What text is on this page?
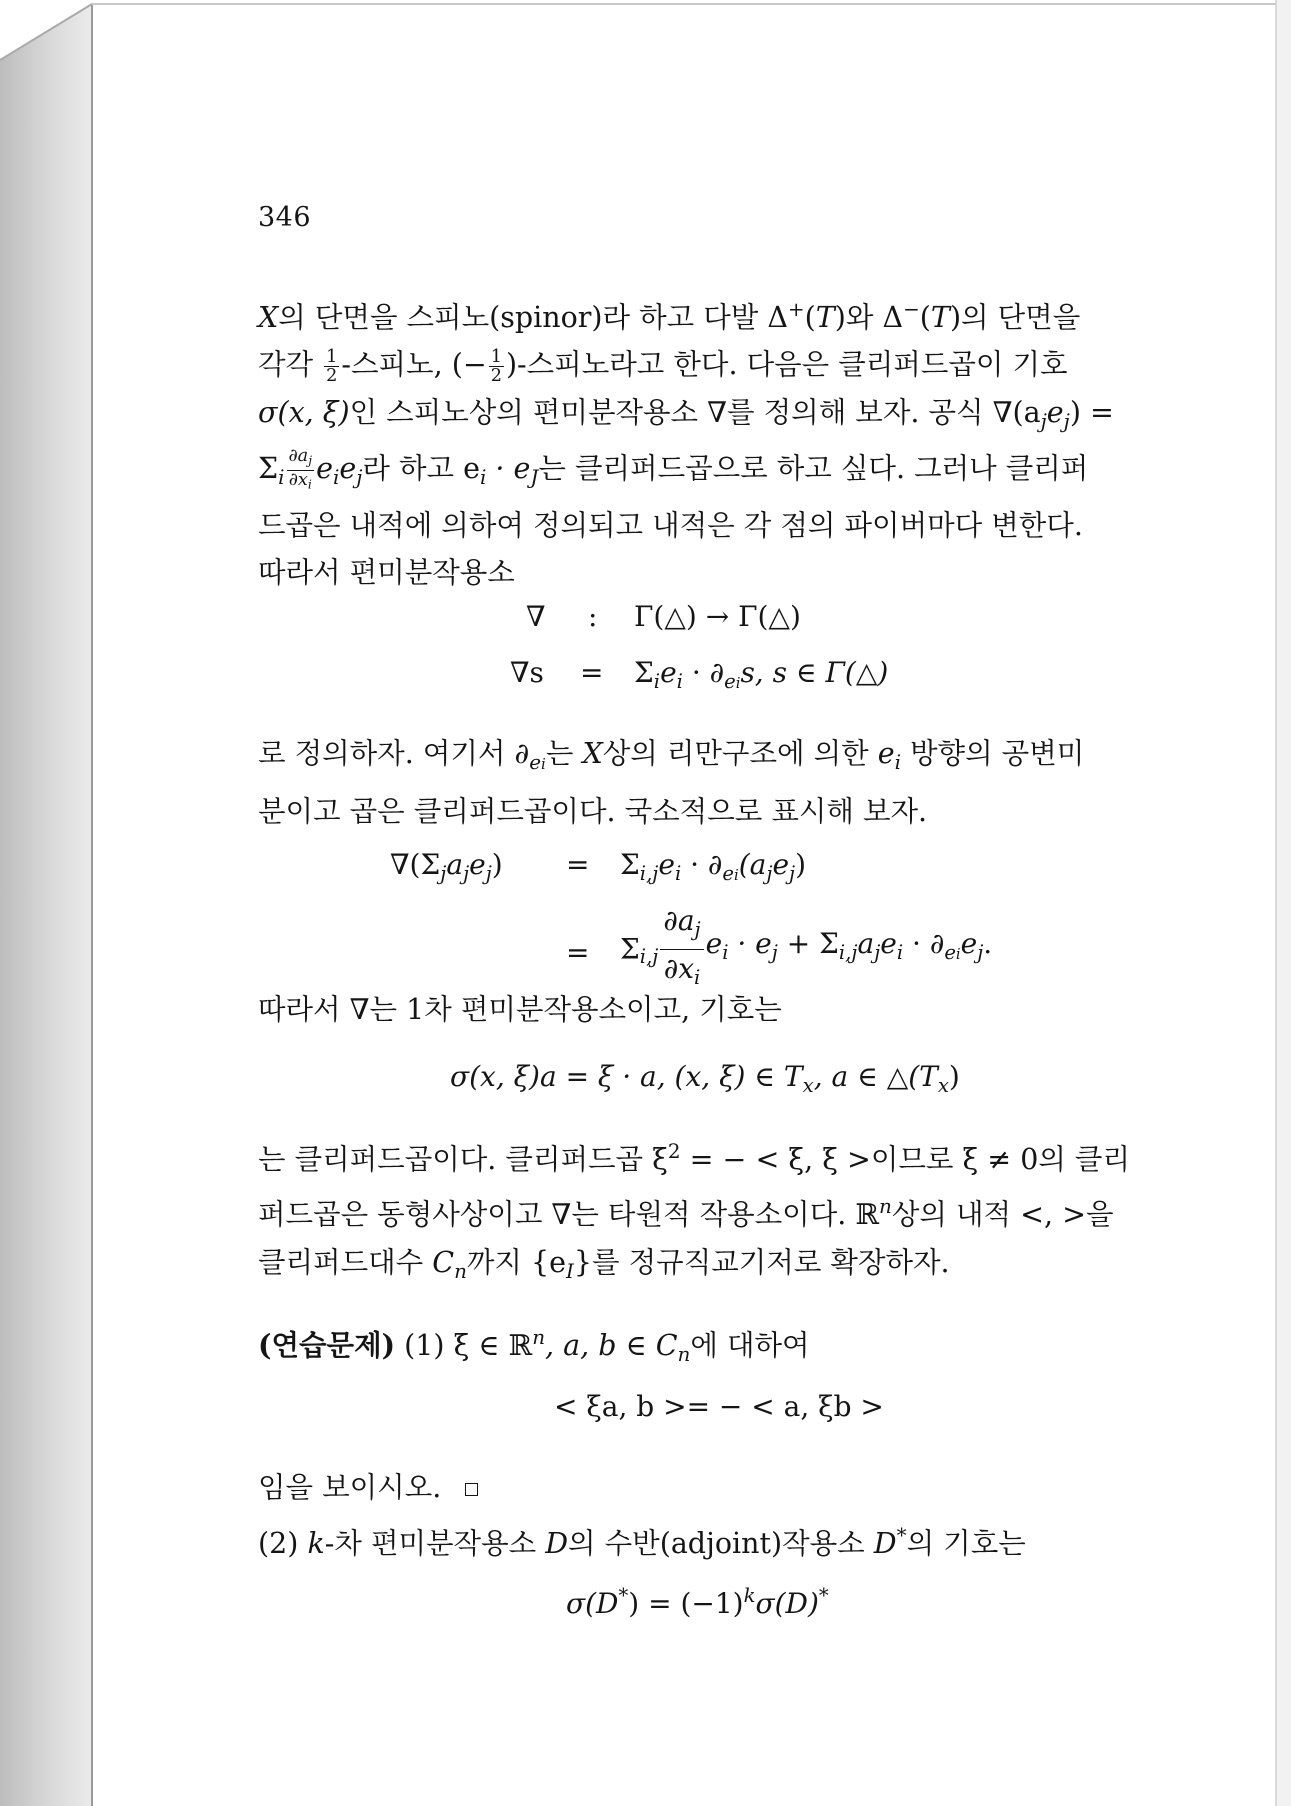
346
X의 단면을 스피노(spinor)라 하고 다발 Δ+(T)와 Δ−(T)의 단면을
각각 $\frac{1}{2}$ -스피노, (− $\frac{1}{2}$ )-스피노라고 한다. 다음은 클리퍼드곱이 기호
σ(x, ξ)인 스피노상의 편미분작용소 ∇를 정의해 보자. 공식 $\nabla(a_je_j)$ =
$\Sigma_i \frac{\partial a_j}{\partial x_i} e_ie_j$라 하고 $e_i \cdot e_J$는 클리퍼드곱으로 하고 싶다. 그러나 클리퍼
드곱은 내적에 의하여 정의되고 내적은 각 점의 파이버마다 변한다.
따라서 편미분작용소
∇ : Γ(△) → Γ(△)
$\nabla s = \Sigma_ie_i \cdot \partial_{ei}s$, s ∈ Γ(△)
로 정의하자. 여기서 $\partial_{ei}$는 X상의 리만구조에 의한 $e_i$ 방향의 공변미
분이고 곱은 클리퍼드곱이다. 국소적으로 표시해 보자.
$\nabla(\Sigma_ja_je_j) = \Sigma_{i,j}e_i \cdot \partial_{ei}(a_je_j)$
= $\Sigma_{i,j} \frac{\partial a_j}{\partial x_i} e_i \cdot e_j + \Sigma_{i,j}a_je_i \cdot \partial_{ei}e_j$.
따라서 ∇는 1차 편미분작용소이고, 기호는
σ(x, ξ)a = ξ · a, (x, ξ) ∈ $T_x$, a ∈ $\triangle(T_x)$
는 클리퍼드곱이다. 클리퍼드곱 $\xi^2$ = − < ξ, ξ >이므로 ξ ≠ 0의 클리
퍼드곱은 동형사상이고 ∇는 타원적 작용소이다. ℝ$^n$상의 내적 <, >을
클리퍼드대수 $C_n$까지 $\{e_I\}$를 정규직교기저로 확장하자.
(연습문제) (1) ξ ∈ ℝ$^n$, a, b ∈ $C_n$에 대하여
< ξa, b >= − < a, ξb >
임을 보이시오.
(2) k-차 편미분작용소 D의 수반(adjoint)작용소 D*의 기호는
$\sigma(D^*) = (-1)^k\sigma(D)^*$
